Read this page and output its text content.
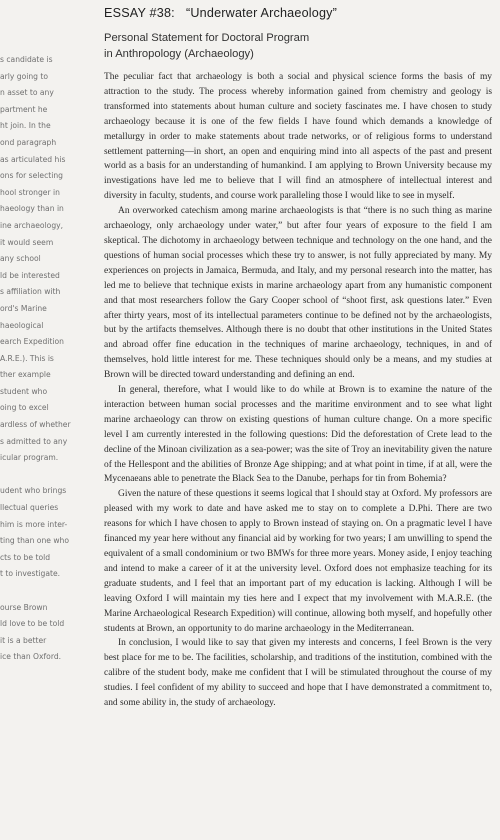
s candidate is
arly going to
n asset to any
partment he
ht join. In the
ond paragraph
as articulated his
ons for selecting
hool stronger in
haeology than in
ine archaeology,
it would seem
any school
ld be interested
s affiliation with
ord's Marine
haeological
earch Expedition
A.R.E.). This is
ther example
student who
oing to excel
ardless of whether
s admitted to any
icular program.
udent who brings
llectual queries
him is more inter-
ting than one who
cts to be told
t to investigate.
ourse Brown
ld love to be told
it is a better
ice than Oxford.
ESSAY #38: “Underwater Archaeology”
Personal Statement for Doctoral Program
in Anthropology (Archaeology)

The peculiar fact that archaeology is both a social and physical science forms the basis of my attraction to the study. The process whereby information gained from chemistry and geology is transformed into statements about human culture and society fascinates me. I have chosen to study archaeology because it is one of the few fields I have found which demands a knowledge of metallurgy in order to make statements about trade networks, or of religious forms to understand settlement patterning—in short, an open and enquiring mind into all aspects of the past and present world as a basis for an understanding of humankind. I am applying to Brown University because my investigations have led me to believe that I will find an atmosphere of intellectual interest and diversity in faculty, students, and course work paralleling those I would like to see in myself.

An overworked catechism among marine archaeologists is that “there is no such thing as marine archaeology, only archaeology under water,” but after four years of exposure to the field I am skeptical. The dichotomy in archaeology between technique and technology on the one hand, and the questions of human social processes which these try to answer, is not fully appreciated by many. My experiences on projects in Jamaica, Bermuda, and Italy, and my personal research into the matter, has led me to believe that technique exists in marine archaeology apart from any humanistic component and that most researchers follow the Gary Cooper school of “shoot first, ask questions later.” Even after thirty years, most of its intellectual parameters continue to be defined not by the archaeologists, but by the artifacts themselves. Although there is no doubt that other institutions in the United States and abroad offer fine education in the techniques of marine archaeology, techniques, in and of themselves, hold little interest for me. These techniques should only be a means, and my studies at Brown will be directed toward understanding and defining an end.

In general, therefore, what I would like to do while at Brown is to examine the nature of the interaction between human social processes and the maritime environment and to see what light marine archaeology can throw on existing questions of human culture change. On a more specific level I am currently interested in the following questions: Did the deforestation of Crete lead to the decline of the Minoan civilization as a sea-power; was the site of Troy an inevitability given the nature of the Hellespont and the abilities of Bronze Age shipping; and at what point in time, if at all, were the Mycenaeans able to penetrate the Black Sea to the Danube, perhaps for tin from Bohemia?

Given the nature of these questions it seems logical that I should stay at Oxford. My professors are pleased with my work to date and have asked me to stay on to complete a D.Phi. There are two reasons for which I have chosen to apply to Brown instead of staying on. On a pragmatic level I have financed my year here without any financial aid by working for two years; I am unwilling to spend the equivalent of a small condominium or two BMWs for three more years. Money aside, I enjoy teaching and intend to make a career of it at the university level. Oxford does not emphasize teaching for its graduate students, and I feel that an important part of my education is lacking. Although I will be leaving Oxford I will maintain my ties here and I expect that my involvement with M.A.R.E. (the Marine Archaeological Research Expedition) will continue, allowing both myself, and hopefully other students at Brown, an opportunity to do marine archaeology in the Mediterranean.

In conclusion, I would like to say that given my interests and concerns, I feel Brown is the very best place for me to be. The facilities, scholarship, and traditions of the institution, combined with the calibre of the student body, make me confident that I will be stimulated throughout the course of my studies. I feel confident of my ability to succeed and hope that I have demonstrated a commitment to, and some ability in, the study of archaeology.
